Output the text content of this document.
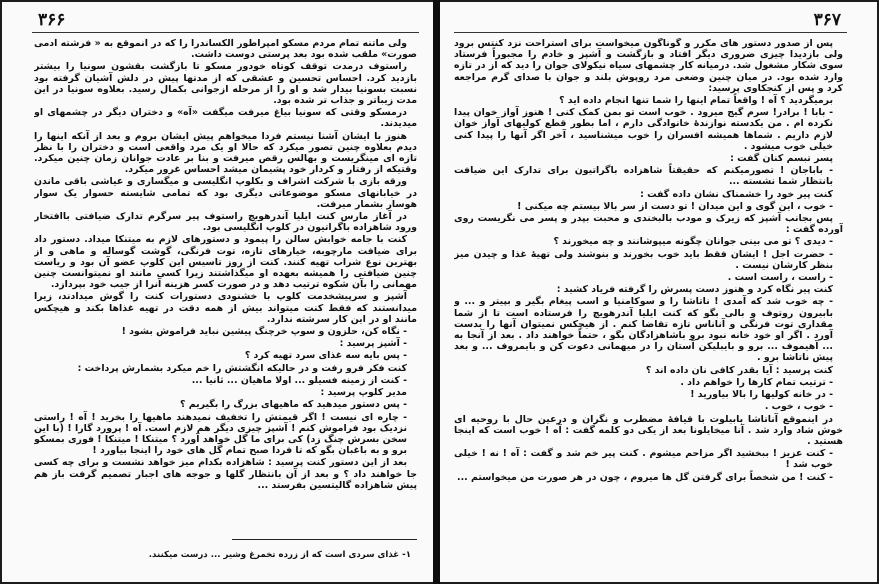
۳۶۶

ولی ماتنه تمام مردم مسکو امپراطور آلکساندرا را که در آنموقع به « فرشته آدمی صورت» ملقب شده بود بعد پرستی دوست داشت.

راستوف درمدت توقف کوتاه خودور مسکو تا بازگشت بقشون سونیا را بیشتر بازدید کرد. احساس تحسین و عشقی که از مدتها پیش در دلش آشیان گرفته بود نسبت بسونیا بیدار شد و او را از مرحله ازجوانی بکمال رسید. بعلاوه سونیا در این مدت زیباتر و جذاب تر شده بود.

درمسکو وقتی که سونیا بیاغ میرفت میگفت «آه» و دختران دیگر در چشمهای او میدیدند.

هنوز با ایشان آشنا نیستم فردا میخواهم پیش ایشان بروم و بعد از آنکه اینها را دیدم بعلاوه چنین تصور میکرد که حالا او یک مرد واقعی است و دختران را با نظر تازه ای مینگریست و بهالس رقص میرفت و بنا بر عادت جوانان زمان چنین میکرد. وقتیکه از رفتار و کردار خود پشیمان میشد احساس غرور میکرد.

ورقه بازی با شرکت اشراف و بکلوپ انگلیسی و میگساری و عیاشی باقی ماندن در خیابانهای مسکو موضوعاتی دیگری بود که تمامی شایسته حسوار یک سوار هوسار بشمار میرفت.

در آغاز مارس کنت ایلیا آندرهویچ راستوف پیر سرگرم تدارک ضیافتی باافتخار ورود شاهزاده باگراتیون در کلوپ انگلیسی بود.

کنت با جامه خوابش سالن را پیمود و دستورهای لازم به میتنکا میداد. دستور داد برای ضیافت مارچوبه، خیارهای تازه، توت فرنگی، گوشت گوساله و ماهی و از بهترین نوع شراب تهیه کنند. کنت از روز تاسیس این کلوپ عضو آن بود و ریاست چنین ضیافتی را همیشه بعهده او میگذاشتند زیرا کسی مانند او نمیتوانست چنین مهمانی را بآن شکوه ترتیب دهد و در صورت کسر هزینه آنرا از جیب خود بپردازد.

آشپز و سرپیشخدمت کلوپ با خشنودی دستورات کنت را گوش میدادند، زیرا میدانستند که فقط کنت میتواند بیش از همه دقت در تهیه غذاها بکند و هیچکس مانند او در این کار سرشته ندارد.

- نگاه کن، حلزون و سوپ خرچنگ پیشین نباید فراموش بشود !

- آشپز پرسید :

- پس بایه سه غذای سرد تهیه کرد ؟

کنت فکر فرو رفت و در حالیکه انگشتش را خم میکرد بشمارش پرداخت :

- کنت از زمینه فسیلو ... اولا ماهیان ... ثانیا ...

مدیر کلوپ پرسید :

- پس دستور میدهید که ماهیهای بزرگ را بگیریم ؟

- چاره ای نیست ! اگر قیمتش را تخفیف نمیدهند ماهیها را بخرید ! آه ! راستی نزدیک بود فراموش کنم ! آشپز چیزی دیگر هم لازم است. آه ! پرورد گارا ! (با این سخن بسرش چنگ زد) کی برای ما گل خواهد آورد ؟ میتنکا ! میتنکا ! فوری بمسکو برو و به باغبان بگو که تا فردا صبح تمام گل های خود را اینجا بیاورد !

بعد از این دستور کنت پرسید : شاهزاده بکدام میز خواهد نشست و برای چه کسی جا خواهند داد ؟ و بعد از آن بانتظار گلها و جوجه های اجبار تصمیم گرفت باز هم پیش شاهزاده گالیتسین بفرستد ...

۱- غذای سردی است که از زرده تخمرغ وشیر ... درست میکنند.
۳۶۷

پس از صدور دستور های مکرر و گوناگون میخواست برای استراحت نزد کنتس برود ولی بازدیدا چیزی ضروری دیگر افتاد و بازگشت و آشپز و خادم را مجبوراً فرستاد سوی شکار مشغول شد. درمیانه کار چشمهای سیاه نیکولای جوان را دید که از در تازه وارد شده بود. در میان چنین وضعی مرد روپوش بلند و جوان با صدای گرم مراجعه کرد و پس از کنجکاوی پرسید:

برمیگردید ؟ آه ! واقعاً تمام اینها را شما تنها انجام داده اید ؟

- بابا ! برادر! سرم گیج میرود . خوب است تو بمن کمک کنی ! هنوز آواز خوان پیدا نکرده ام . من یکدسته نوازندهٔ خانوادگی دارم ، اما بطور قطع کولیهای آواز خوان لازم داریم . شماها همیشه افسران را خوب میشناسید ، آخر اگر آنها را پیدا کنی خیلی خوب میشود .

پسر تبسم کنان گفت :

- باباجان ! تصورمیکنم که حقیقتاً شاهزاده باگراتیون برای تدارک این ضیافت بانتظار شما نشسته ...

کنت پیر خود را خشمناک نشان داده گفت :

- خوب ، این گوی و این میدان ! تو دست از سر بالا بیستم چه میکنی !

پس بجانب آشپز که زیرک و مودب بالبخندی و محبت بپدر و پسر می نگریست روی آورده گفت :

- دیدی ؟ تو می بینی جوانان چگونه میپوشانند و چه میخورند ؟

- حضرت اجل ! ایشان فقط باید خوب بخورند و بنوشند ولی تهیهٔ غذا و چیدن میز بنظر کارشان نیست .

- راست ، راست است .

کنت پیر نگاه کرد و هنوز دست پسرش را گرفته فریاد کشید :

- چه خوب شد که آمدی ! ناتاشا را و سوکامنیا و اسب پیغام بگیر و بپیتر و ... و بابیرون روتوف و بالی بگو که کنت ایلیا آندرهویچ را فرستاده است تا از شما مقداری توت فرنگی و آناناس تازه تقاضا کنم . از هیچکس نمیتوان آنها را بدست آورد . اگر او خود خانه نبود برو باشاهزادگان بگو ، حتماً خواهند داد . بعد از آنجا به ... آهیموف ... برو و بایبلیکن آستان را در میهمانی دعوت کن و بایمروف ... و بعد پیش ناتاشا برو .

کنت پرسید : آیا بقدر کافی نان داده اند ؟

- ترتیب تمام کارها را خواهم داد .

- در خانه کولیها را بالا بیاورید !

- خوب ، خوب .

در اینموقع آناتاشا بابیلوت با قیافهٔ مضطرب و نگران و درعین حال با روحیه ای خوش شاد وارد شد . آنا میخایلونا بعد از یکی دو کلمه گفت : آه ! خوب است که اینجا هستید .

- کنت عزیز ! ببخشید اگر مزاحم میشوم . کنت پیر خم شد و گفت : آه ! نه ! خیلی خوب شد !

- کنت ! من شخصاً برای گرفتن گل ها میروم ، چون در هر صورت من میخواستم ...
